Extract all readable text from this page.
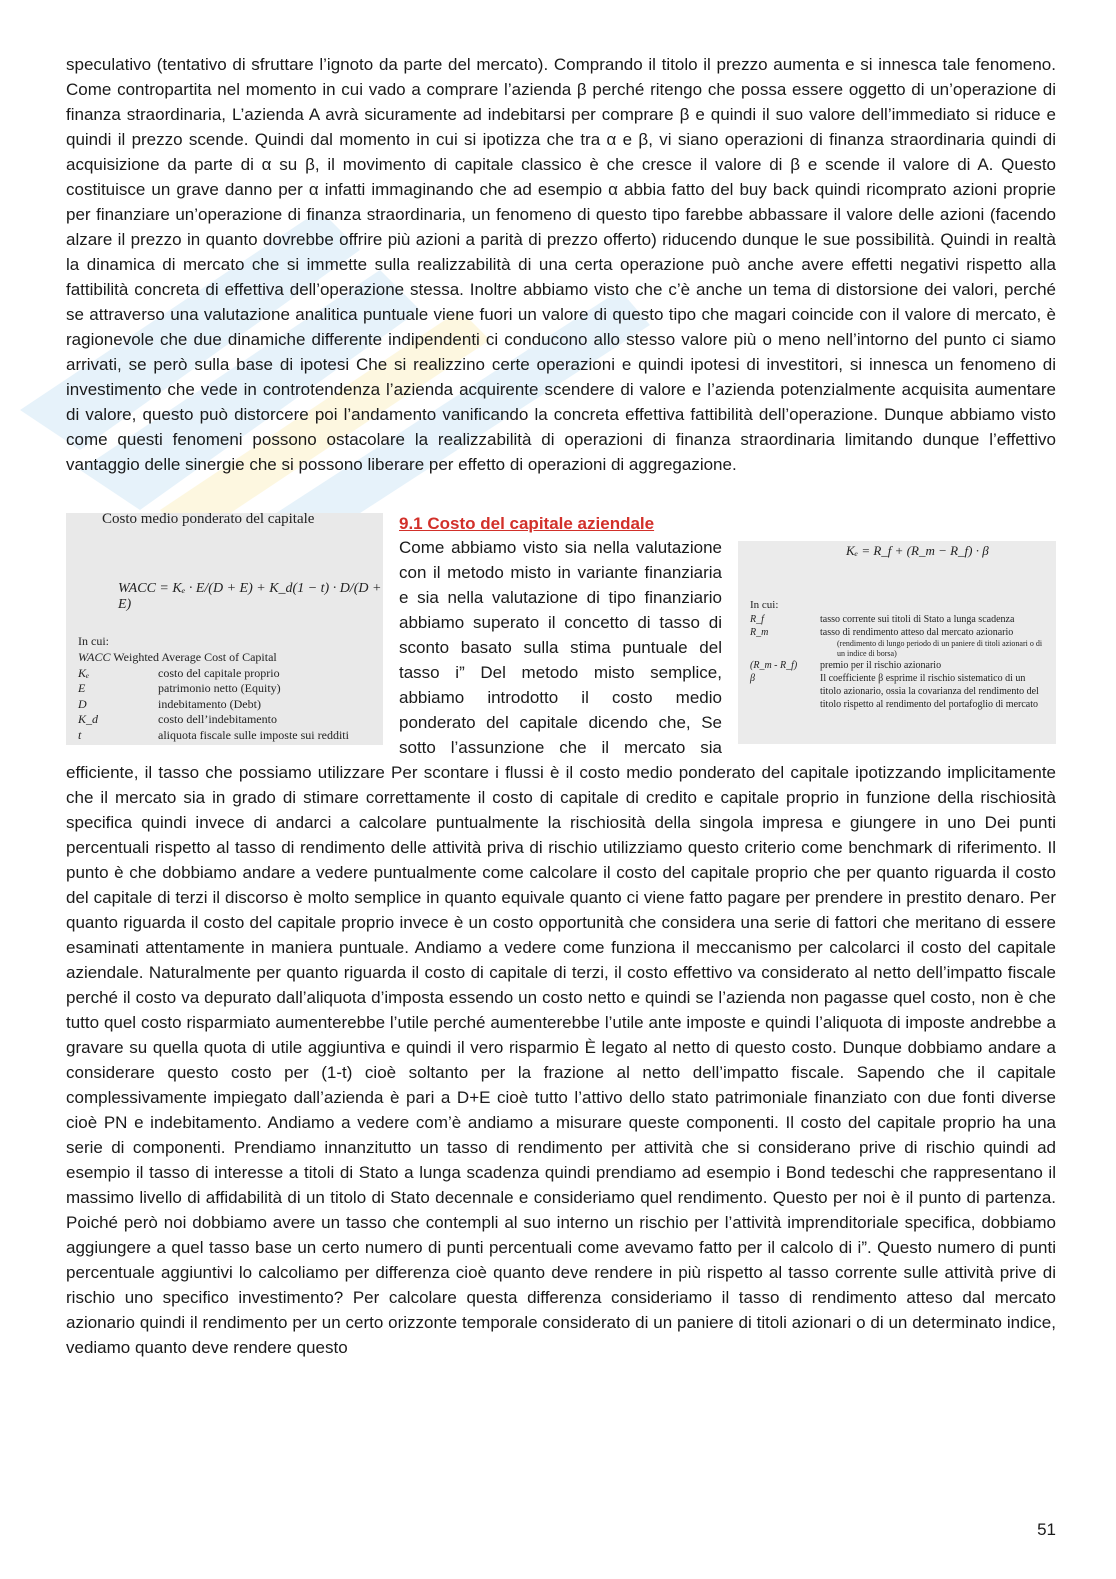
speculativo (tentativo di sfruttare l’ignoto da parte del mercato). Comprando il titolo il prezzo aumenta e si innesca tale fenomeno. Come contropartita nel momento in cui vado a comprare l’azienda β perché ritengo che possa essere oggetto di un’operazione di finanza straordinaria, L’azienda A avrà sicuramente ad indebitarsi per comprare β e quindi il suo valore dell’immediato si riduce e quindi il prezzo scende. Quindi dal momento in cui si ipotizza che tra α e β, vi siano operazioni di finanza straordinaria quindi di acquisizione da parte di α su β, il movimento di capitale classico è che cresce il valore di β e scende il valore di A. Questo costituisce un grave danno per α infatti immaginando che ad esempio α abbia fatto del buy back quindi ricomprato azioni proprie per finanziare un’operazione di finanza straordinaria, un fenomeno di questo tipo farebbe abbassare il valore delle azioni (facendo alzare il prezzo in quanto dovrebbe offrire più azioni a parità di prezzo offerto) riducendo dunque le sue possibilità. Quindi in realtà la dinamica di mercato che si immette sulla realizzabilità di una certa operazione può anche avere effetti negativi rispetto alla fattibilità concreta di effettiva dell’operazione stessa. Inoltre abbiamo visto che c’è anche un tema di distorsione dei valori, perché se attraverso una valutazione analitica puntuale viene fuori un valore di questo tipo che magari coincide con il valore di mercato, è ragionevole che due dinamiche differente indipendenti ci conducono allo stesso valore più o meno nell’intorno del punto ci siamo arrivati, se però sulla base di ipotesi Che si realizzino certe operazioni e quindi ipotesi di investitori, si innesca un fenomeno di investimento che vede in controtendenza l’azienda acquirente scendere di valore e l’azienda potenzialmente acquisita aumentare di valore, questo può distorcere poi l’andamento vanificando la concreta effettiva fattibilità dell’operazione. Dunque abbiamo visto come questi fenomeni possono ostacolare la realizzabilità di operazioni di finanza straordinaria limitando dunque l’effettivo vantaggio delle sinergie che si possono liberare per effetto di operazioni di aggregazione.

9.1 Costo del capitale aziendale
Costo medio ponderato del capitale
WACC = Kₑ · E/(D + E) + K_d(1 − t) · D/(D + E)
In cui:
WACC Weighted Average Cost of Capital
Kₑ	costo del capitale proprio
E	patrimonio netto (Equity)
D	indebitamento (Debt)
K_d	costo dell’indebitamento
t	aliquota fiscale sulle imposte sui redditi

Kₑ = R_f + (R_m − R_f) · β
In cui:
R_f	tasso corrente sui titoli di Stato a lunga scadenza
R_m	tasso di rendimento atteso dal mercato azionario
(rendimento di lungo periodo di un paniere di titoli azionari o di un indice di borsa)
(R_m - R_f) premio per il rischio azionario
β	Il coefficiente β esprime il rischio sistematico di un titolo azionario, ossia la covarianza del rendimento del titolo rispetto al rendimento del portafoglio di mercato
Come abbiamo visto sia nella valutazione con il metodo misto in variante finanziaria e sia nella valutazione di tipo finanziario abbiamo superato il concetto di tasso di sconto basato sulla stima puntuale del tasso i” Del metodo misto semplice, abbiamo introdotto il costo medio ponderato del capitale dicendo che, Se sotto l’assunzione che il mercato sia efficiente, il tasso che possiamo utilizzare Per scontare i flussi è il costo medio ponderato del capitale ipotizzando implicitamente che il mercato sia in grado di stimare correttamente il costo di capitale di credito e capitale proprio in funzione della rischiosità specifica quindi invece di andarci a calcolare puntualmente la rischiosità della singola impresa e giungere in uno Dei punti percentuali rispetto al tasso di rendimento delle attività priva di rischio utilizziamo questo criterio come benchmark di riferimento. Il punto è che dobbiamo andare a vedere puntualmente come calcolare il costo del capitale proprio che per quanto riguarda il costo del capitale di terzi il discorso è molto semplice in quanto equivale quanto ci viene fatto pagare per prendere in prestito denaro. Per quanto riguarda il costo del capitale proprio invece è un costo opportunità che considera una serie di fattori che meritano di essere esaminati attentamente in maniera puntuale. Andiamo a vedere come funziona il meccanismo per calcolarci il costo del capitale aziendale. Naturalmente per quanto riguarda il costo di capitale di terzi, il costo effettivo va considerato al netto dell’impatto fiscale perché il costo va depurato dall’aliquota d’imposta essendo un costo netto e quindi se l’azienda non pagasse quel costo, non è che tutto quel costo risparmiato aumenterebbe l’utile perché aumenterebbe l’utile ante imposte e quindi l’aliquota di imposte andrebbe a gravare su quella quota di utile aggiuntiva e quindi il vero risparmio È legato al netto di questo costo. Dunque dobbiamo andare a considerare questo costo per (1-t) cioè soltanto per la frazione al netto dell’impatto fiscale. Sapendo che il capitale complessivamente impiegato dall’azienda è pari a D+E cioè tutto l’attivo dello stato patrimoniale finanziato con due fonti diverse cioè PN e indebitamento. Andiamo a vedere com’è andiamo a misurare queste componenti. Il costo del capitale proprio ha una serie di componenti. Prendiamo innanzitutto un tasso di rendimento per attività che si considerano prive di rischio quindi ad esempio il tasso di interesse a titoli di Stato a lunga scadenza quindi prendiamo ad esempio i Bond tedeschi che rappresentano il massimo livello di affidabilità di un titolo di Stato decennale e consideriamo quel rendimento. Questo per noi è il punto di partenza. Poiché però noi dobbiamo avere un tasso che contempli al suo interno un rischio per l’attività imprenditoriale specifica, dobbiamo aggiungere a quel tasso base un certo numero di punti percentuali come avevamo fatto per il calcolo di i”. Questo numero di punti percentuale aggiuntivi lo calcoliamo per differenza cioè quanto deve rendere in più rispetto al tasso corrente sulle attività prive di rischio uno specifico investimento? Per calcolare questa differenza consideriamo il tasso di rendimento atteso dal mercato azionario quindi il rendimento per un certo orizzonte temporale considerato di un paniere di titoli azionari o di un determinato indice, vediamo quanto deve rendere questo

51
